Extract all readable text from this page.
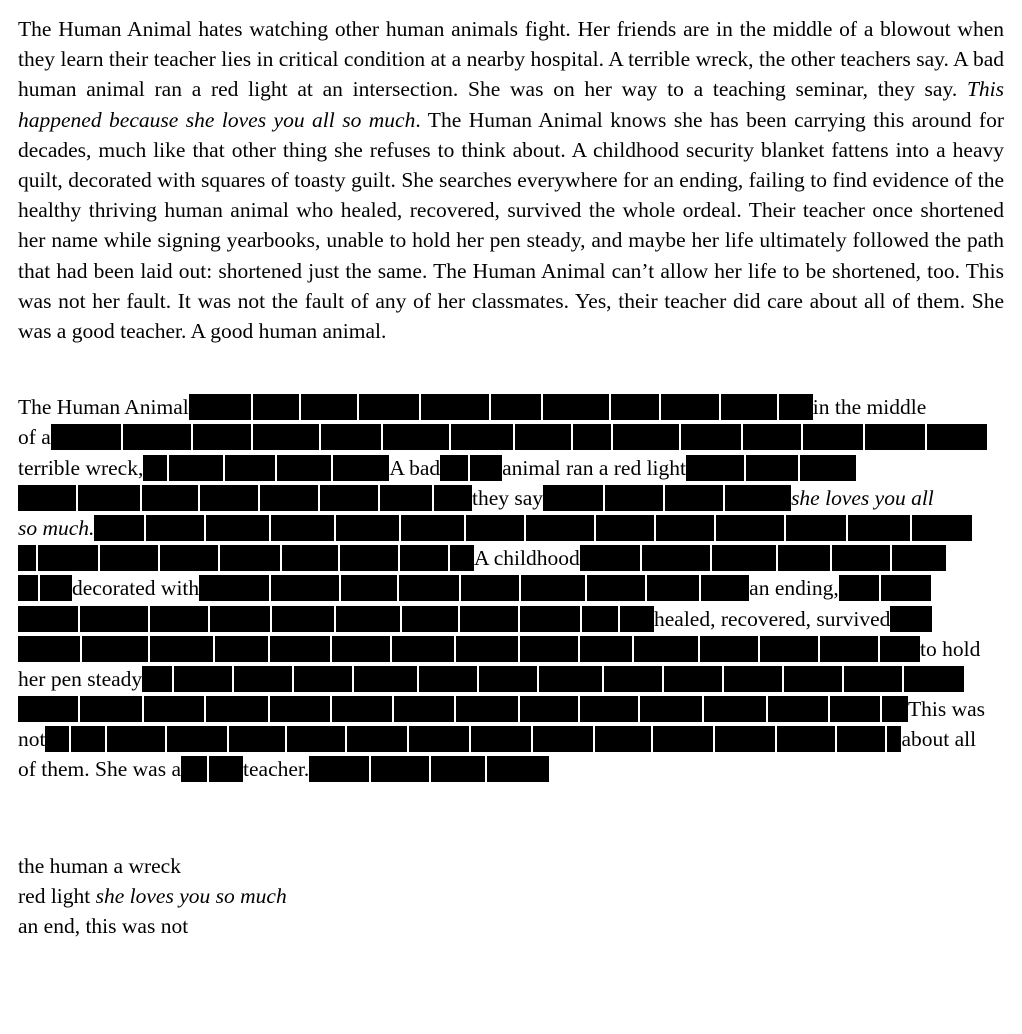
The Human Animal hates watching other human animals fight. Her friends are in the middle of a blowout when they learn their teacher lies in critical condition at a nearby hospital. A terrible wreck, the other teachers say. A bad human animal ran a red light at an intersection. She was on her way to a teaching seminar, they say. This happened because she loves you all so much. The Human Animal knows she has been carrying this around for decades, much like that other thing she refuses to think about. A childhood security blanket fattens into a heavy quilt, decorated with squares of toasty guilt. She searches everywhere for an ending, failing to find evidence of the healthy thriving human animal who healed, recovered, survived the whole ordeal. Their teacher once shortened her name while signing yearbooks, unable to hold her pen steady, and maybe her life ultimately followed the path that had been laid out: shortened just the same. The Human Animal can’t allow her life to be shortened, too. This was not her fault. It was not the fault of any of her classmates. Yes, their teacher did care about all of them. She was a good teacher. A good human animal.
The Human Animal	in the middle
of a
terrible wreck,	A bad	animal ran a red light
they say	she loves you all
so much.
A childhood
decorated with	an ending,
healed, recovered, survived
to hold
her pen steady
This was
not	about all
of them. She was a	teacher.
the human a wreck
red light she loves you so much
an end, this was not
